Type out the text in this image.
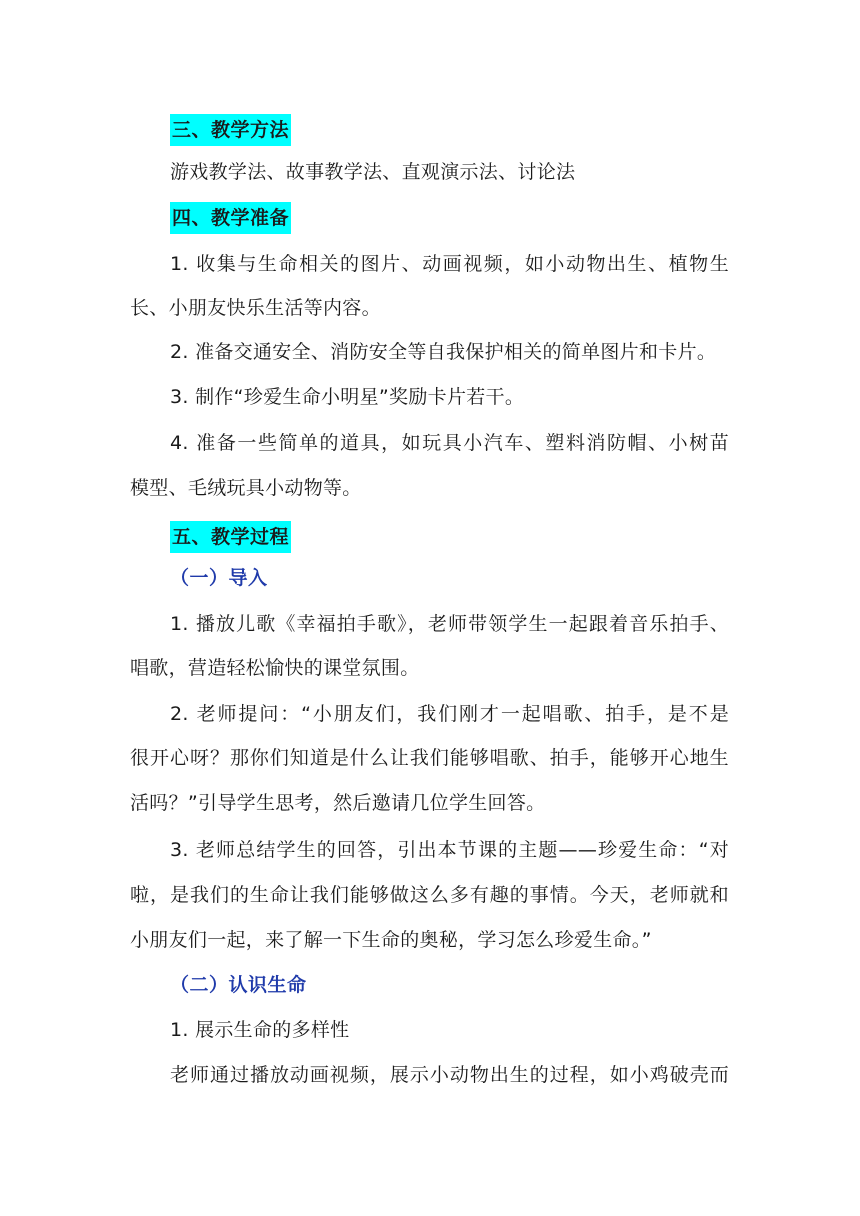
三、教学方法
游戏教学法、故事教学法、直观演示法、讨论法
四、教学准备
1. 收集与生命相关的图片、动画视频，如小动物出生、植物生
长、小朋友快乐生活等内容。
2. 准备交通安全、消防安全等自我保护相关的简单图片和卡片。
3. 制作“珍爱生命小明星”奖励卡片若干。
4. 准备一些简单的道具，如玩具小汽车、塑料消防帽、小树苗
模型、毛绒玩具小动物等。
五、教学过程
（一）导入
1. 播放儿歌《幸福拍手歌》，老师带领学生一起跟着音乐拍手、
唱歌，营造轻松愉快的课堂氛围。
2. 老师提问：“小朋友们，我们刚才一起唱歌、拍手，是不是
很开心呀？那你们知道是什么让我们能够唱歌、拍手，能够开心地生
活吗？”引导学生思考，然后邀请几位学生回答。
3. 老师总结学生的回答，引出本节课的主题——珍爱生命：“对
啦，是我们的生命让我们能够做这么多有趣的事情。今天，老师就和
小朋友们一起，来了解一下生命的奥秘，学习怎么珍爱生命。”
（二）认识生命
1. 展示生命的多样性
老师通过播放动画视频，展示小动物出生的过程，如小鸡破壳而
